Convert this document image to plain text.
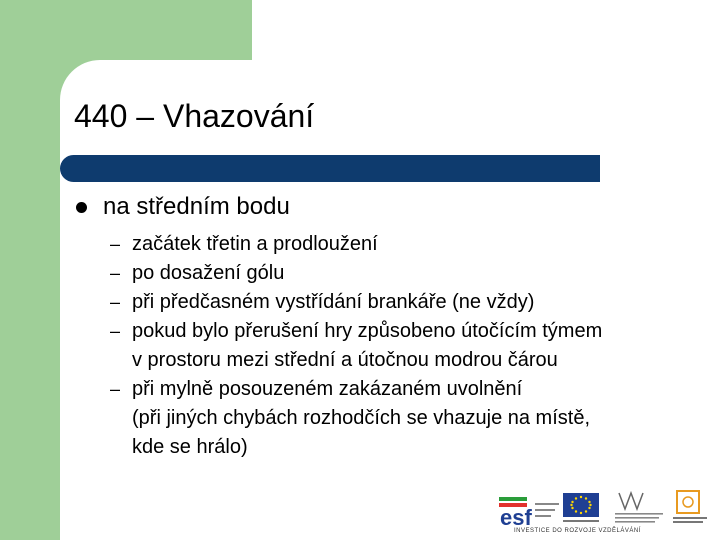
440 – Vhazování
na středním bodu
– začátek třetin a prodloužení
– po dosažení gólu
– při předčasném vystřídání brankáře (ne vždy)
– pokud bylo přerušení hry způsobeno útočícím týmem
v prostoru mezi střední a útočnou modrou čárou
– při mylně posouzeném zakázaném uvolnění
(při jiných chybách rozhodčích se vhazuje na místě,
kde se hrálo)
esf
INVESTICE DO ROZVOJE VZDĚLÁVÁNÍ
